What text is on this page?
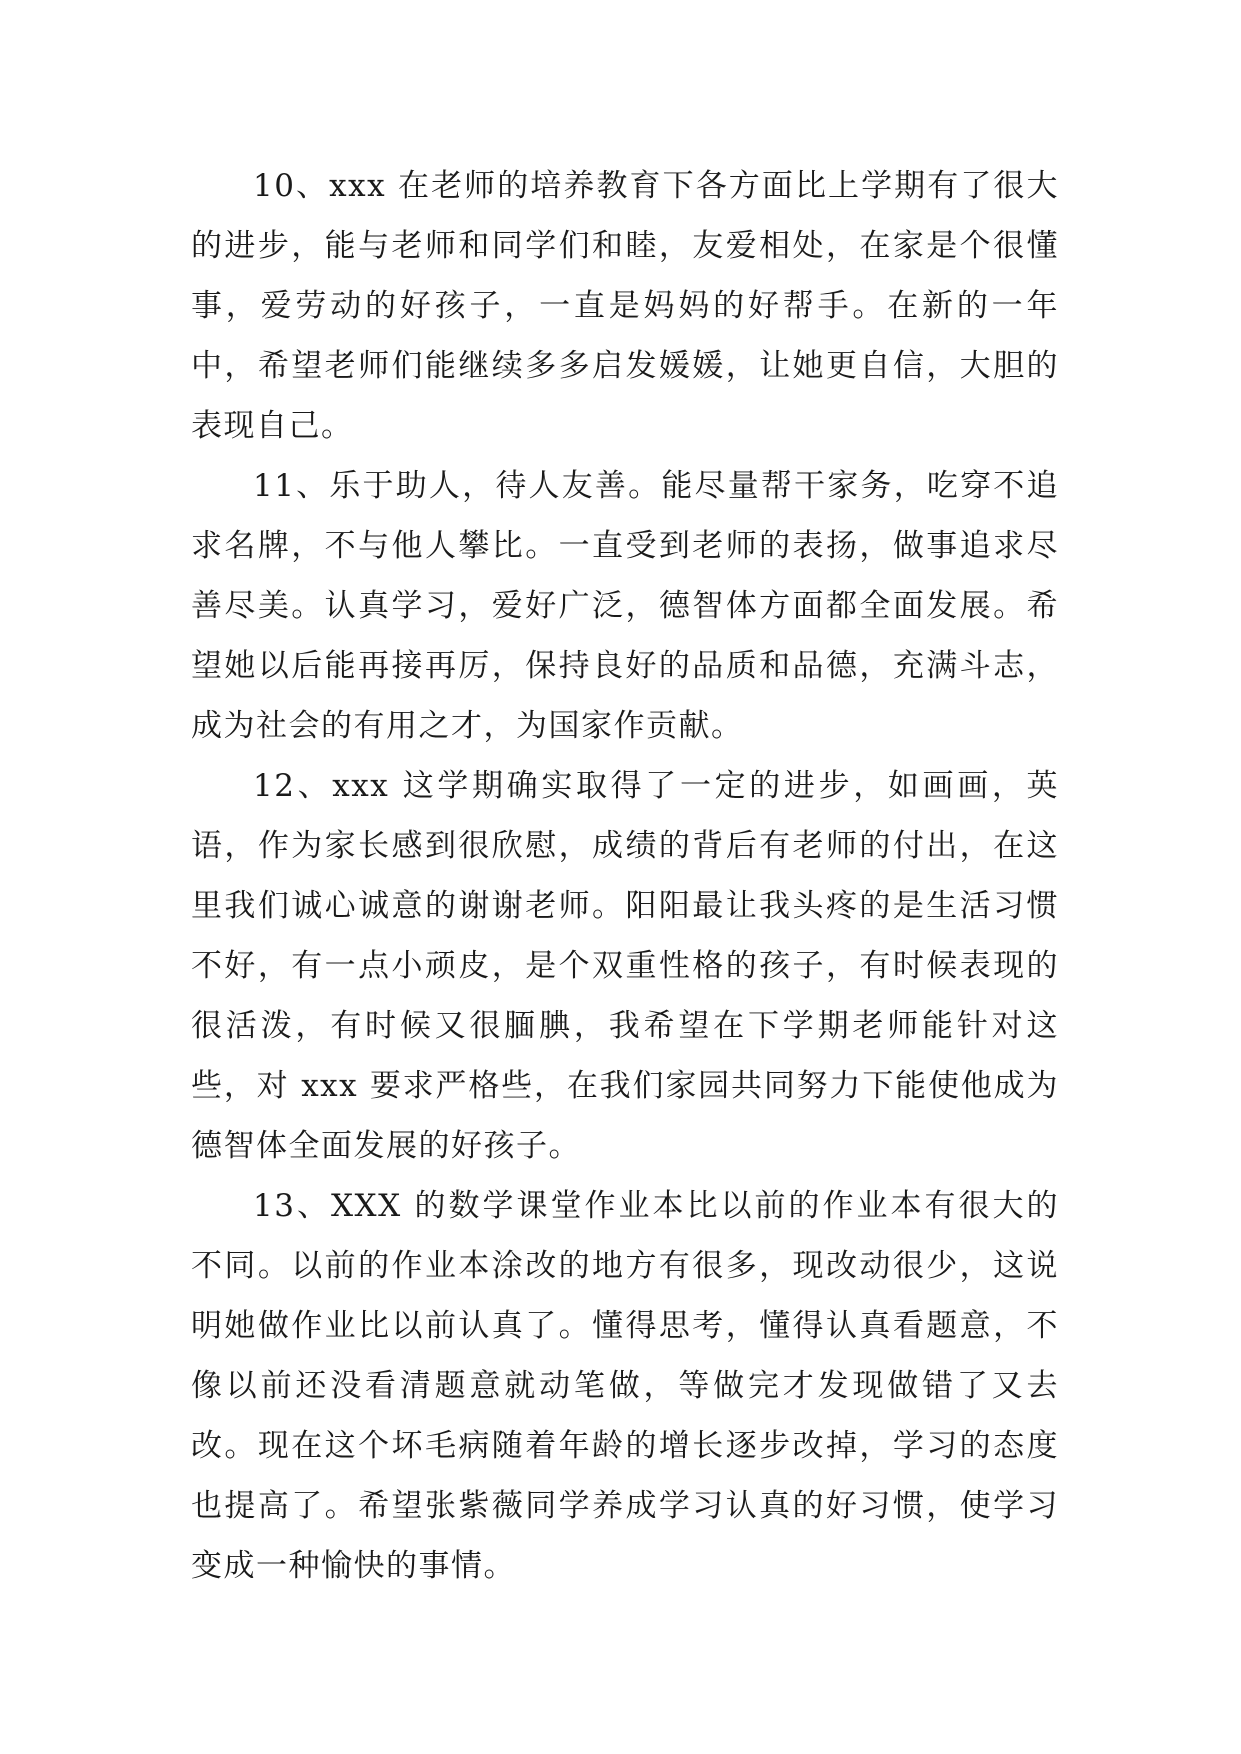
10、xxx 在老师的培养教育下各方面比上学期有了很大的进步，能与老师和同学们和睦，友爱相处，在家是个很懂事，爱劳动的好孩子，一直是妈妈的好帮手。在新的一年中，希望老师们能继续多多启发媛媛，让她更自信，大胆的表现自己。

11、乐于助人，待人友善。能尽量帮干家务，吃穿不追求名牌，不与他人攀比。一直受到老师的表扬，做事追求尽善尽美。认真学习，爱好广泛，德智体方面都全面发展。希望她以后能再接再厉，保持良好的品质和品德，充满斗志，成为社会的有用之才，为国家作贡献。

12、xxx 这学期确实取得了一定的进步，如画画，英语，作为家长感到很欣慰，成绩的背后有老师的付出，在这里我们诚心诚意的谢谢老师。阳阳最让我头疼的是生活习惯不好，有一点小顽皮，是个双重性格的孩子，有时候表现的很活泼，有时候又很腼腆，我希望在下学期老师能针对这些，对 xxx 要求严格些，在我们家园共同努力下能使他成为德智体全面发展的好孩子。

13、XXX 的数学课堂作业本比以前的作业本有很大的不同。以前的作业本涂改的地方有很多，现改动很少，这说明她做作业比以前认真了。懂得思考，懂得认真看题意，不像以前还没看清题意就动笔做，等做完才发现做错了又去改。现在这个坏毛病随着年龄的增长逐步改掉，学习的态度也提高了。希望张紫薇同学养成学习认真的好习惯，使学习变成一种愉快的事情。
